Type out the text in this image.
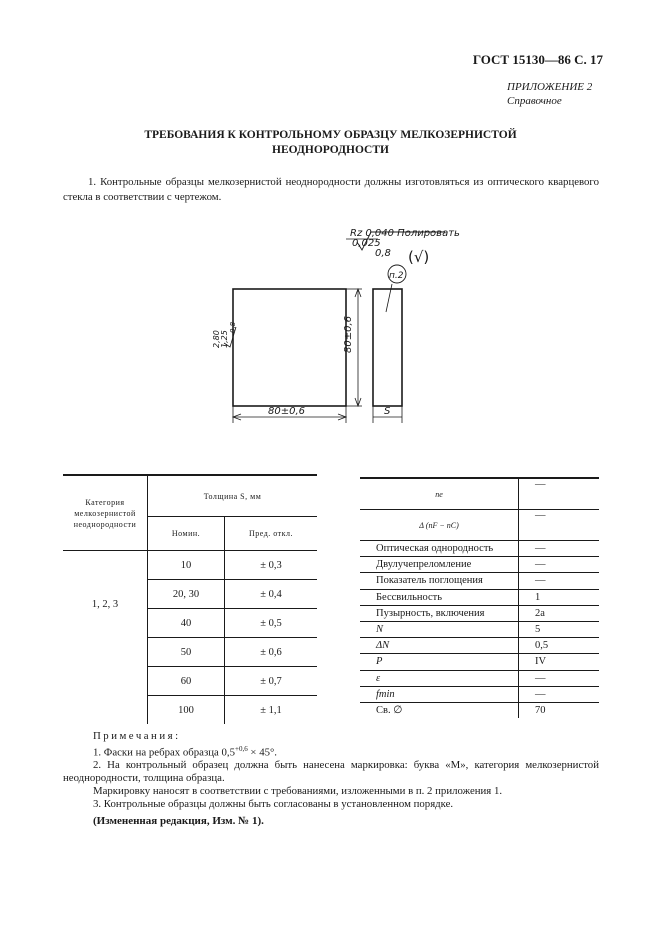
ГОСТ 15130—86 С. 17
ПРИЛОЖЕНИЕ 2
Справочное
ТРЕБОВАНИЯ К КОНТРОЛЬНОМУ ОБРАЗЦУ МЕЛКОЗЕРНИСТОЙ
НЕОДНОРОДНОСТИ
1. Контрольные образцы мелкозернистой неоднородности должны изготовляться из оптического кварцевого стекла в соответствии с чертежом.
Rz 0,040 Полировать
0,025
0,8 (√)
п.2
80±0,6
80±0,6	S
2,80 1,25
0,8
Категория мелкозернистой неоднородности	Толщина S, мм	
	Номин.	Пред. откл.
1, 2, 3	10	± 0,3
	20, 30	± 0,4
	40	± 0,5
	50	± 0,6
	60	± 0,7
	100	± 1,1
nе	—
Δ (nF − nC)	—
Оптическая однородность	—
Двулучепреломление	—
Показатель поглощения	—
Бессвильность	1
Пузырность, включения	2а
N	5
ΔN	0,5
P	IV
ε	—
fmin	—
Св. ∅	70
Примечания:
1. Фаски на ребрах образца $0,5^{+0,6} \times 45^\circ$.
2. На контрольный образец должна быть нанесена маркировка: буква «М», категория мелкозернистой неоднородности, толщина образца.
Маркировку наносят в соответствии с требованиями, изложенными в п. 2 приложения 1.
3. Контрольные образцы должны быть согласованы в установленном порядке.
(Измененная редакция, Изм. № 1).
